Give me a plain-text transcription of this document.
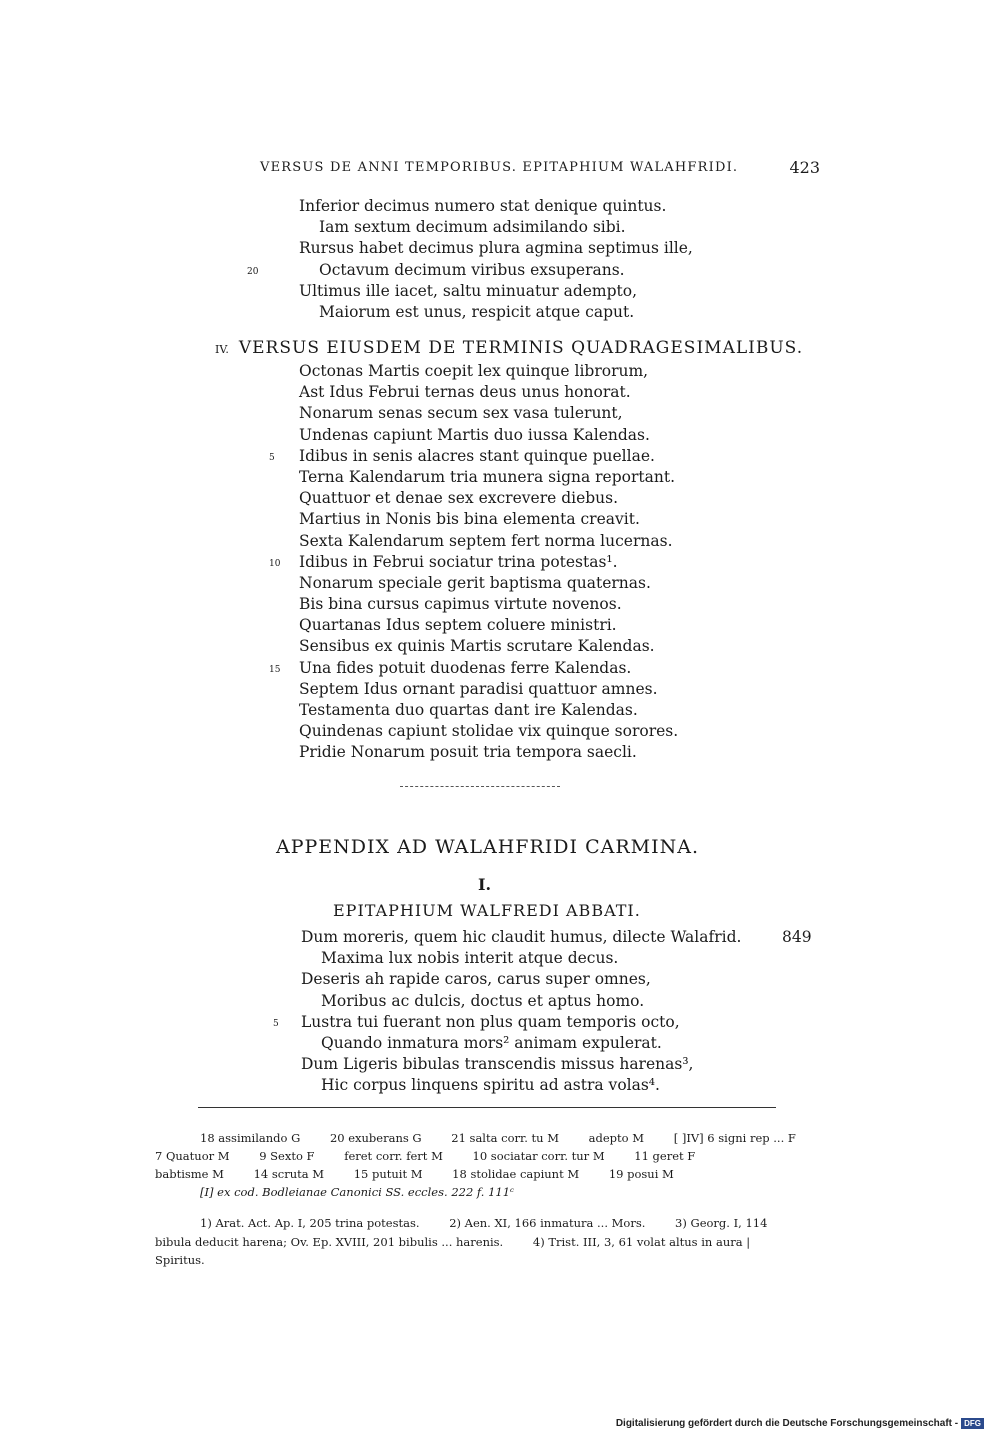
VERSUS DE ANNI TEMPORIBUS. EPITAPHIUM WALAHFRIDI.	423
Inferior decimus numero stat denique quintus.
Iam sextum decimum adsimilando sibi.
Rursus habet decimus plura agmina septimus ille,
Octavum decimum viribus exsuperans.
20
Ultimus ille iacet, saltu minuatur adempto,
Maiorum est unus, respicit atque caput.
IV. VERSUS EIUSDEM DE TERMINIS QUADRAGESIMALIBUS.
Octonas Martis coepit lex quinque librorum,
Ast Idus Februi ternas deus unus honorat.
Nonarum senas secum sex vasa tulerunt,
Undenas capiunt Martis duo iussa Kalendas.
Idibus in senis alacres stant quinque puellae.
5
Terna Kalendarum tria munera signa reportant.
Quattuor et denae sex excrevere diebus.
Martius in Nonis bis bina elementa creavit.
Sexta Kalendarum septem fert norma lucernas.
Idibus in Februi sociatur trina potestas¹.
10
Nonarum speciale gerit baptisma quaternas.
Bis bina cursus capimus virtute novenos.
Quartanas Idus septem coluere ministri.
Sensibus ex quinis Martis scrutare Kalendas.
Una fides potuit duodenas ferre Kalendas.
15
Septem Idus ornant paradisi quattuor amnes.
Testamenta duo quartas dant ire Kalendas.
Quindenas capiunt stolidae vix quinque sorores.
Pridie Nonarum posuit tria tempora saecli.
APPENDIX AD WALAHFRIDI CARMINA.
I.
EPITAPHIUM WALFREDI ABBATI.
849
Dum moreris, quem hic claudit humus, dilecte Walafrid.
Maxima lux nobis interit atque decus.
Deseris ah rapide caros, carus super omnes,
Moribus ac dulcis, doctus et aptus homo.
Lustra tui fuerant non plus quam temporis octo,
5
Quando inmatura mors² animam expulerat.
Dum Ligeris bibulas transcendis missus harenas³,
Hic corpus linquens spiritu ad astra volas⁴.
18 assimilando G	20 exuberans G	21 salta corr. tu M	adepto M	[ ]IV] 6 signi rep ... F
7 Quatuor M	9 Sexto F	feret corr. fert M	10 sociatar corr. tur M	11 geret F
babtisme M	14 scruta M	15 putuit M	18 stolidae capiunt M	19 posui M
[I] ex cod. Bodleianae Canonici SS. eccles. 222 f. 111ᶜ
1) Arat. Act. Ap. I, 205 trina potestas.	2) Aen. XI, 166 inmatura ... Mors.	3) Georg. I, 114
bibula deducit harena; Ov. Ep. XVIII, 201 bibulis ... harenis.	4) Trist. III, 3, 61 volat altus in aura |
Spiritus.
Digitalisierung gefördert durch die Deutsche Forschungsgemeinschaft - DFG
